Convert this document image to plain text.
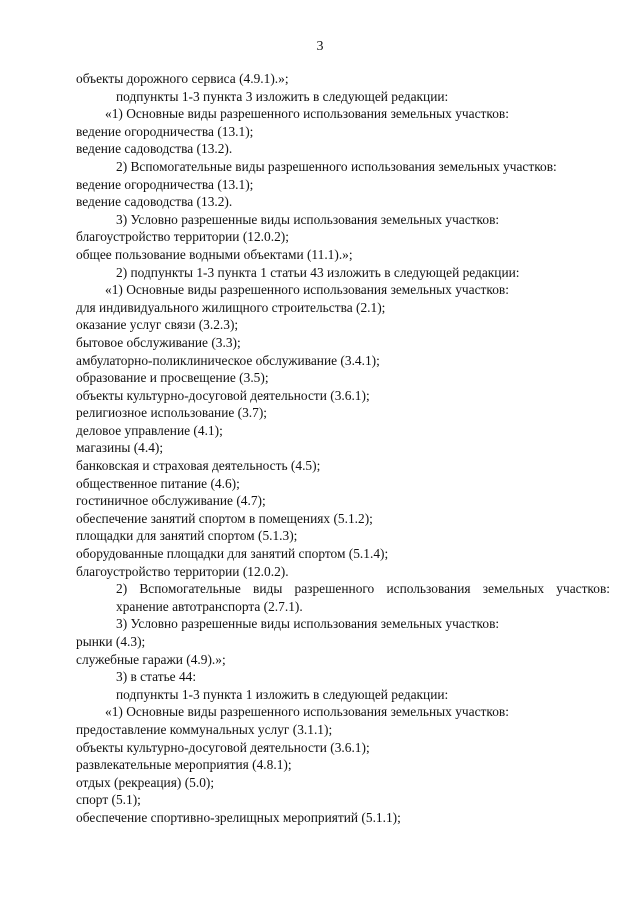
3

объекты дорожного сервиса (4.9.1).»;

подпункты 1-3 пункта 3 изложить в следующей редакции:

«1) Основные виды разрешенного использования земельных участков:

ведение огородничества (13.1);

ведение садоводства (13.2).

2) Вспомогательные виды разрешенного использования земельных участков:

ведение огородничества (13.1);

ведение садоводства (13.2).

3) Условно разрешенные виды использования земельных участков:

благоустройство территории (12.0.2);

общее пользование водными объектами (11.1).»;

2) подпункты 1-3 пункта 1 статьи 43 изложить в следующей редакции:

«1) Основные виды разрешенного использования земельных участков:

для индивидуального жилищного строительства (2.1);

оказание услуг связи (3.2.3);

бытовое обслуживание (3.3);

амбулаторно-поликлиническое обслуживание (3.4.1);

образование и просвещение (3.5);

объекты культурно-досуговой деятельности (3.6.1);

религиозное использование (3.7);

деловое управление (4.1);

магазины (4.4);

банковская и страховая деятельность (4.5);

общественное питание (4.6);

гостиничное обслуживание (4.7);

обеспечение занятий спортом в помещениях (5.1.2);

площадки для занятий спортом (5.1.3);

оборудованные площадки для занятий спортом (5.1.4);

благоустройство территории (12.0.2).

2) Вспомогательные виды разрешенного использования земельных участков: хранение автотранспорта (2.7.1).

3) Условно разрешенные виды использования земельных участков:

рынки (4.3);

служебные гаражи (4.9).»;

3) в статье 44:

подпункты 1-3 пункта 1 изложить в следующей редакции:

«1) Основные виды разрешенного использования земельных участков:

предоставление коммунальных услуг (3.1.1);

объекты культурно-досуговой деятельности (3.6.1);

развлекательные мероприятия (4.8.1);

отдых (рекреация) (5.0);

спорт (5.1);

обеспечение спортивно-зрелищных мероприятий (5.1.1);
